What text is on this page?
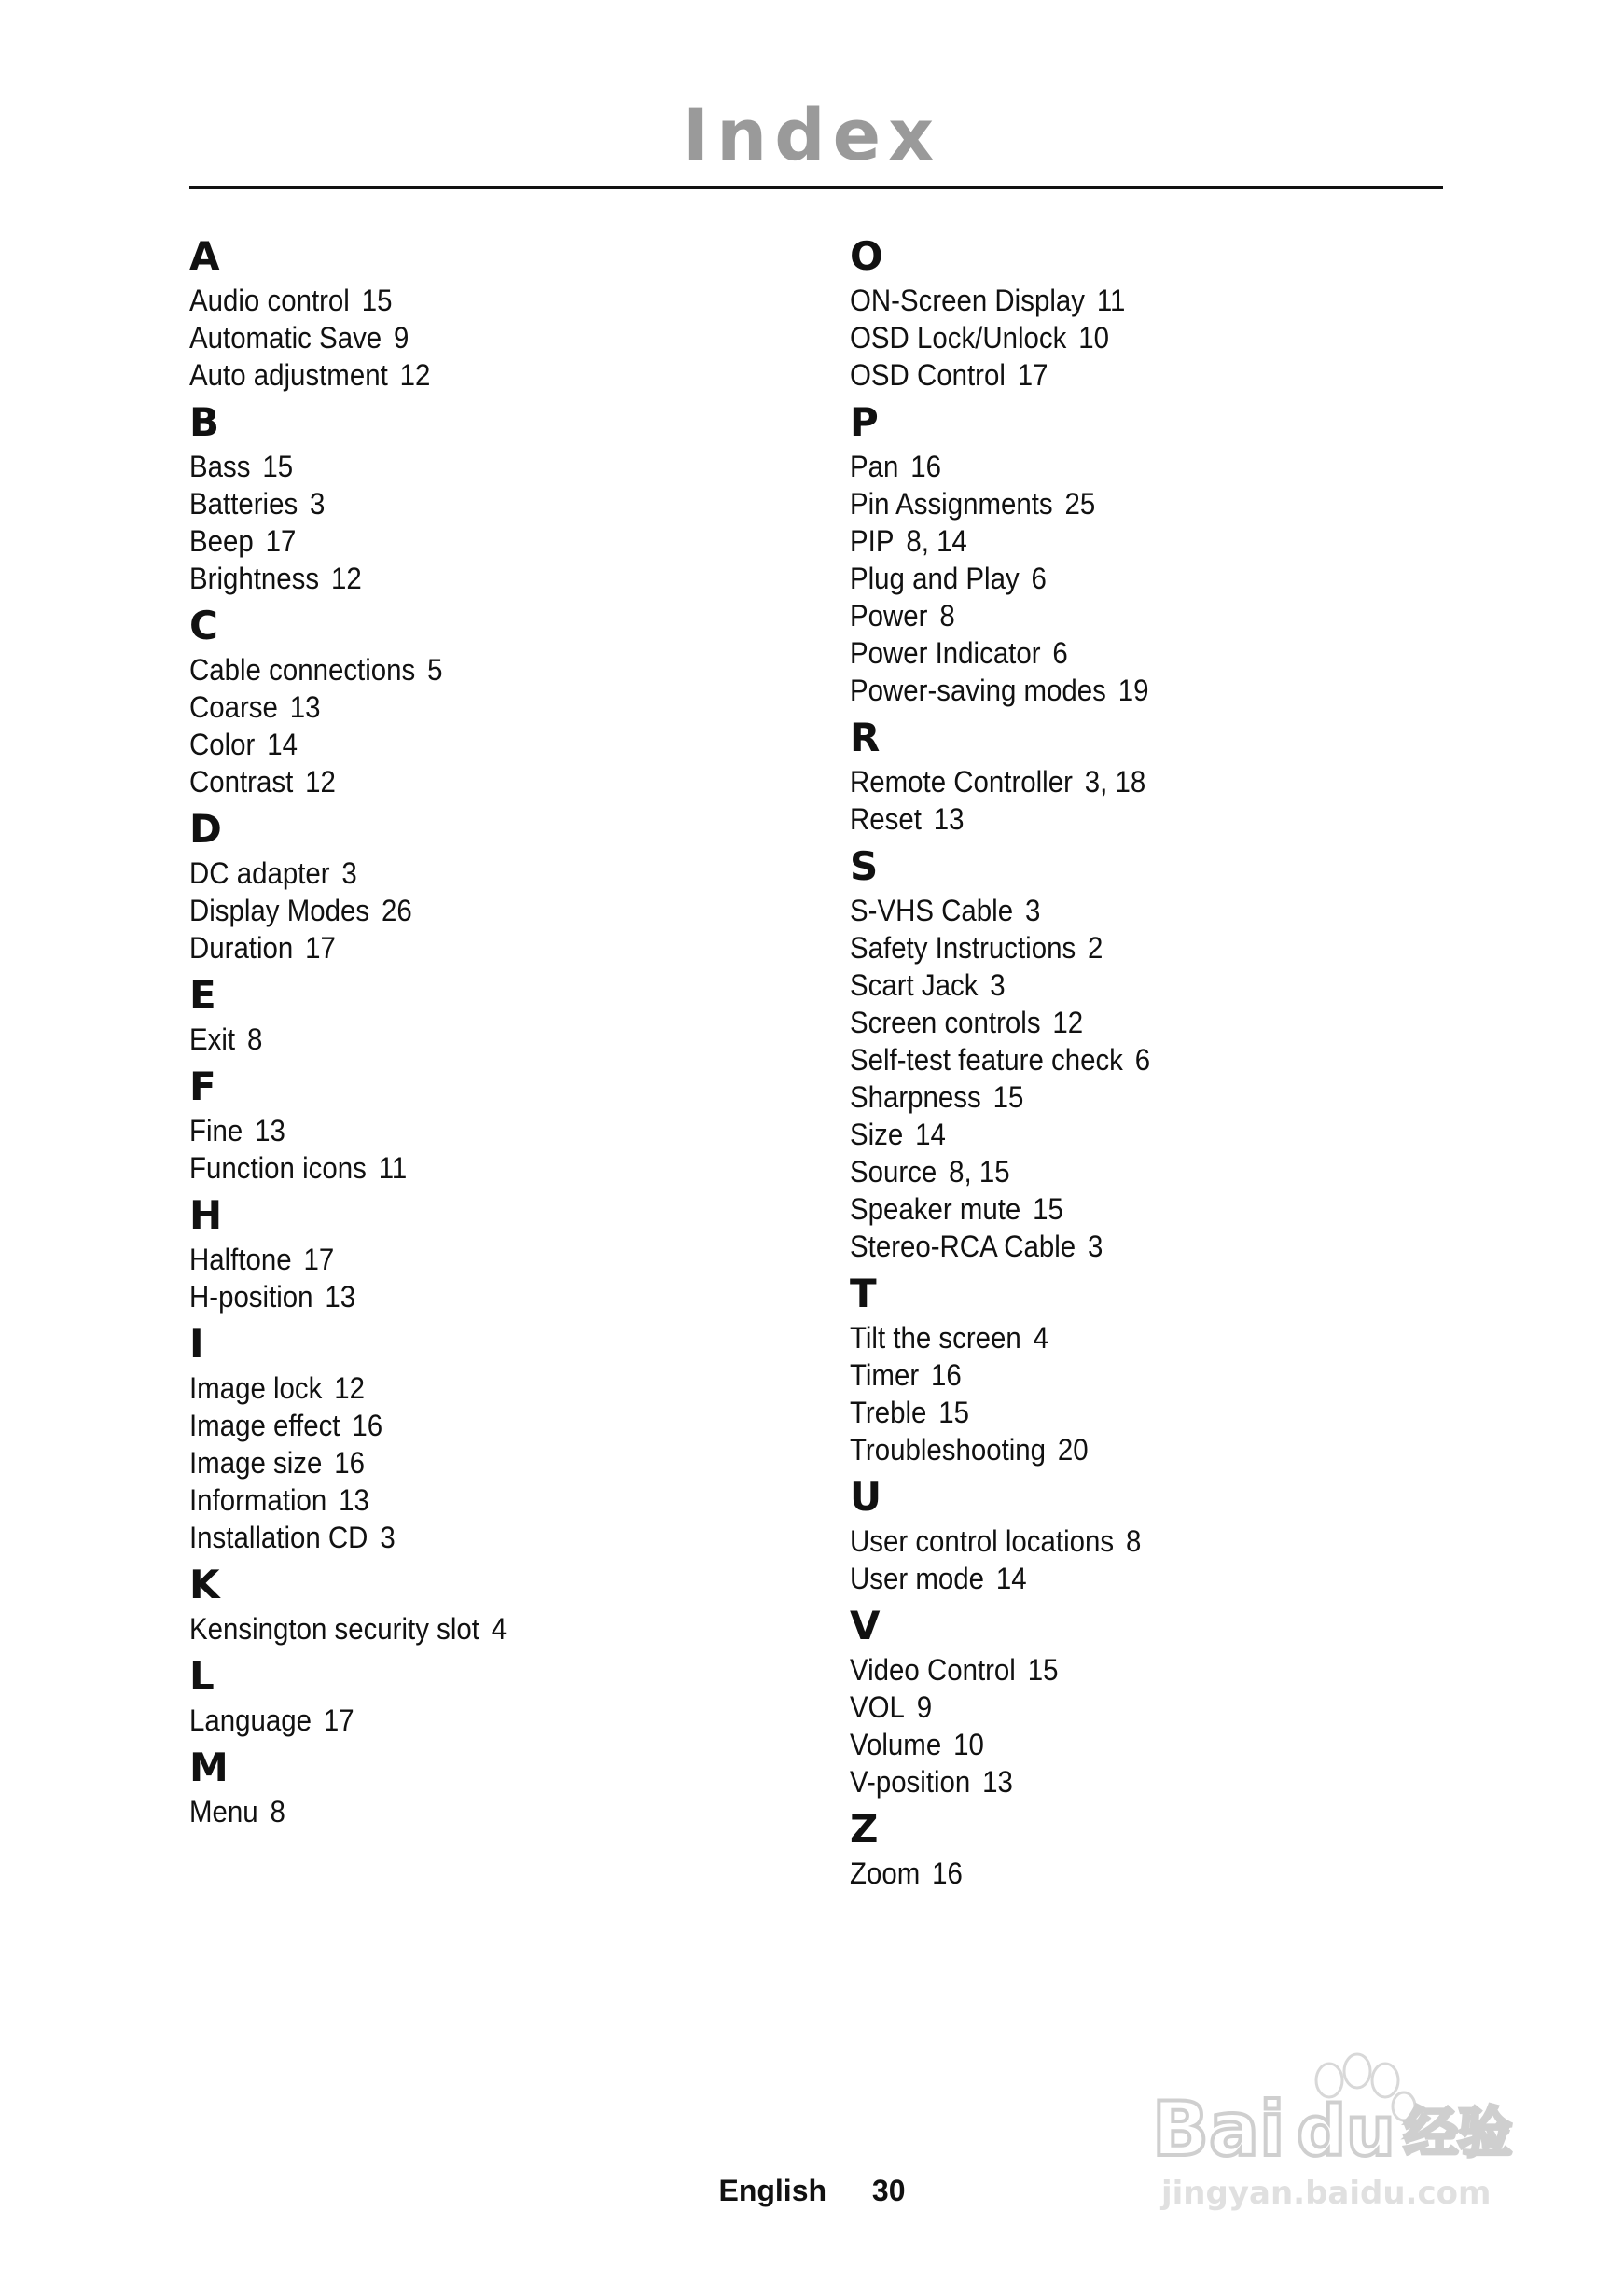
Index
A
Audio control 15
Automatic Save 9
Auto adjustment 12
B
Bass 15
Batteries 3
Beep 17
Brightness 12
C
Cable connections 5
Coarse 13
Color 14
Contrast 12
D
DC adapter 3
Display Modes 26
Duration 17
E
Exit 8
F
Fine 13
Function icons 11
H
Halftone 17
H-position 13
I
Image lock 12
Image effect 16
Image size 16
Information 13
Installation CD 3
K
Kensington security slot 4
L
Language 17
M
Menu 8
O
ON-Screen Display 11
OSD Lock/Unlock 10
OSD Control 17
P
Pan 16
Pin Assignments 25
PIP 8, 14
Plug and Play 6
Power 8
Power Indicator 6
Power-saving modes 19
R
Remote Controller 3, 18
Reset 13
S
S-VHS Cable 3
Safety Instructions 2
Scart Jack 3
Screen controls 12
Self-test feature check 6
Sharpness 15
Size 14
Source 8, 15
Speaker mute 15
Stereo-RCA Cable 3
T
Tilt the screen 4
Timer 16
Treble 15
Troubleshooting 20
U
User control locations 8
User mode 14
V
Video Control 15
VOL 9
Volume 10
V-position 13
Z
Zoom 16
English 30
Bai du 经验
jingyan.baidu.com
